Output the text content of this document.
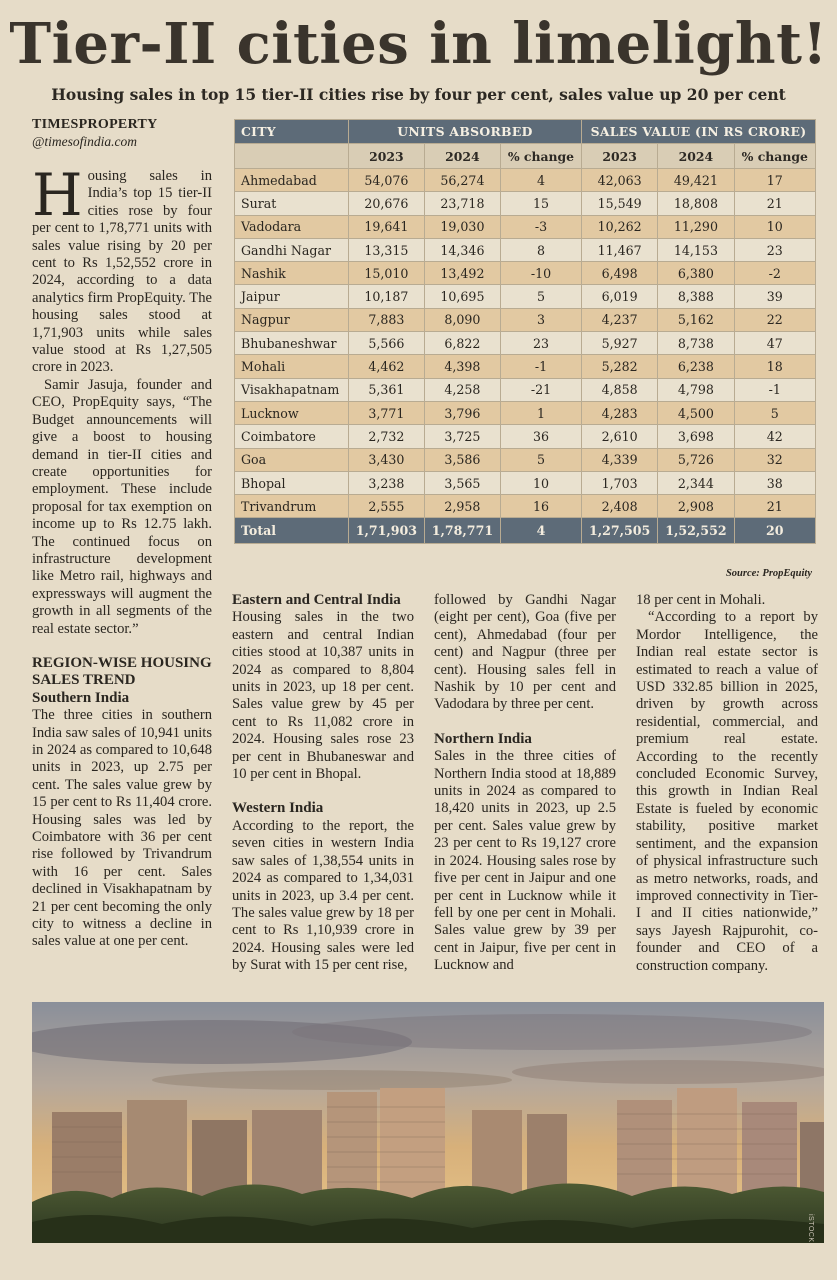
Tier-II cities in limelight!
Housing sales in top 15 tier-II cities rise by four per cent, sales value up 20 per cent
TIMESPROPERTY
@timesofindia.com

Housing sales in India’s top 15 tier-II cities rose by four per cent to 1,78,771 units with sales value rising by 20 per cent to Rs 1,52,552 crore in 2024, according to a data analytics firm PropEquity. The housing sales stood at 1,71,903 units while sales value stood at Rs 1,27,505 crore in 2023.

Samir Jasuja, founder and CEO, PropEquity says, “The Budget announcements will give a boost to housing demand in tier-II cities and create opportunities for employment. These include proposal for tax exemption on income up to Rs 12.75 lakh. The continued focus on infrastructure development like Metro rail, highways and expressways will augment the growth in all segments of the real estate sector.”

REGION-WISE HOUSING SALES TREND
Southern India

The three cities in southern India saw sales of 10,941 units in 2024 as compared to 10,648 units in 2023, up 2.75 per cent. The sales value grew by 15 per cent to Rs 11,404 crore. Housing sales was led by Coimbatore with 36 per cent rise followed by Trivandrum with 16 per cent. Sales declined in Visakhapatnam by 21 per cent becoming the only city to witness a decline in sales value at one per cent.

CITY	UNITS ABSORBED			SALES VALUE (IN RS CRORE)		
	2023	2024	% change	2023	2024	% change
Ahmedabad	54,076	56,274	4	42,063	49,421	17
Surat	20,676	23,718	15	15,549	18,808	21
Vadodara	19,641	19,030	-3	10,262	11,290	10
Gandhi Nagar	13,315	14,346	8	11,467	14,153	23
Nashik	15,010	13,492	-10	6,498	6,380	-2
Jaipur	10,187	10,695	5	6,019	8,388	39
Nagpur	7,883	8,090	3	4,237	5,162	22
Bhubaneshwar	5,566	6,822	23	5,927	8,738	47
Mohali	4,462	4,398	-1	5,282	6,238	18
Visakhapatnam	5,361	4,258	-21	4,858	4,798	-1
Lucknow	3,771	3,796	1	4,283	4,500	5
Coimbatore	2,732	3,725	36	2,610	3,698	42
Goa	3,430	3,586	5	4,339	5,726	32
Bhopal	3,238	3,565	10	1,703	2,344	38
Trivandrum	2,555	2,958	16	2,408	2,908	21
Total	1,71,903	1,78,771	4	1,27,505	1,52,552	20
Source: PropEquity
Eastern and Central India

Housing sales in the two eastern and central Indian cities stood at 10,387 units in 2024 as compared to 8,804 units in 2023, up 18 per cent. Sales value grew by 45 per cent to Rs 11,082 crore in 2024. Housing sales rose 23 per cent in Bhubaneswar and 10 per cent in Bhopal.

Western India

According to the report, the seven cities in western India saw sales of 1,38,554 units in 2024 as compared to 1,34,031 units in 2023, up 3.4 per cent. The sales value grew by 18 per cent to Rs 1,10,939 crore in 2024. Housing sales were led by Surat with 15 per cent rise,

followed by Gandhi Nagar (eight per cent), Goa (five per cent), Ahmedabad (four per cent) and Nagpur (three per cent). Housing sales fell in Nashik by 10 per cent and Vadodara by three per cent.

Northern India

Sales in the three cities of Northern India stood at 18,889 units in 2024 as compared to 18,420 units in 2023, up 2.5 per cent. Sales value grew by 23 per cent to Rs 19,127 crore in 2024. Housing sales rose by five per cent in Jaipur and one per cent in Lucknow while it fell by one per cent in Mohali. Sales value grew by 39 per cent in Jaipur, five per cent in Lucknow and

18 per cent in Mohali.

“According to a report by Mordor Intelligence, the Indian real estate sector is estimated to reach a value of USD 332.85 billion in 2025, driven by growth across residential, commercial, and premium real estate. According to the recently concluded Economic Survey, this growth in Indian Real Estate is fueled by economic stability, positive market sentiment, and the expansion of physical infrastructure such as metro networks, roads, and improved connectivity in Tier-I and II cities nationwide,” says Jayesh Rajpurohit, co-founder and CEO of a construction company.

iSTOCK
